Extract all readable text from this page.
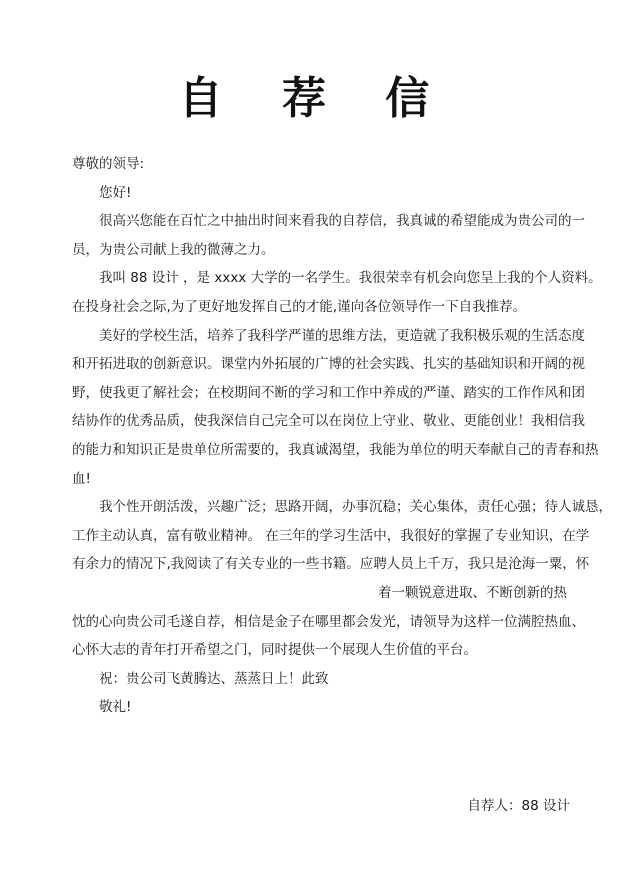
自 荐 信
尊敬的领导:
您好!
很高兴您能在百忙之中抽出时间来看我的自荐信，我真诚的希望能成为贵公司的一
员，为贵公司献上我的微薄之力。
我叫 88 设计 ，是 xxxx 大学的一名学生。我很荣幸有机会向您呈上我的个人资料。
在投身社会之际,为了更好地发挥自己的才能,谨向各位领导作一下自我推荐。
美好的学校生活，培养了我科学严谨的思维方法，更造就了我积极乐观的生活态度
和开拓进取的创新意识。课堂内外拓展的广博的社会实践、扎实的基础知识和开阔的视
野，使我更了解社会；在校期间不断的学习和工作中养成的严谨、踏实的工作作风和团
结协作的优秀品质，使我深信自己完全可以在岗位上守业、敬业、更能创业！我相信我
的能力和知识正是贵单位所需要的，我真诚渴望，我能为单位的明天奉献自己的青春和热
血!
我个性开朗活泼，兴趣广泛；思路开阔，办事沉稳；关心集体，责任心强；待人诚恳，
工作主动认真，富有敬业精神。 在三年的学习生活中，我很好的掌握了专业知识，在学
有余力的情况下,我阅读了有关专业的一些书籍。应聘人员上千万，我只是沧海一粟，怀
着一颗锐意进取、不断创新的热
忱的心向贵公司毛遂自荐，相信是金子在哪里都会发光，请领导为这样一位满腔热血、
心怀大志的青年打开希望之门，同时提供一个展现人生价值的平台。
祝：贵公司飞黄腾达、蒸蒸日上！此致
敬礼!
自荐人：88 设计
